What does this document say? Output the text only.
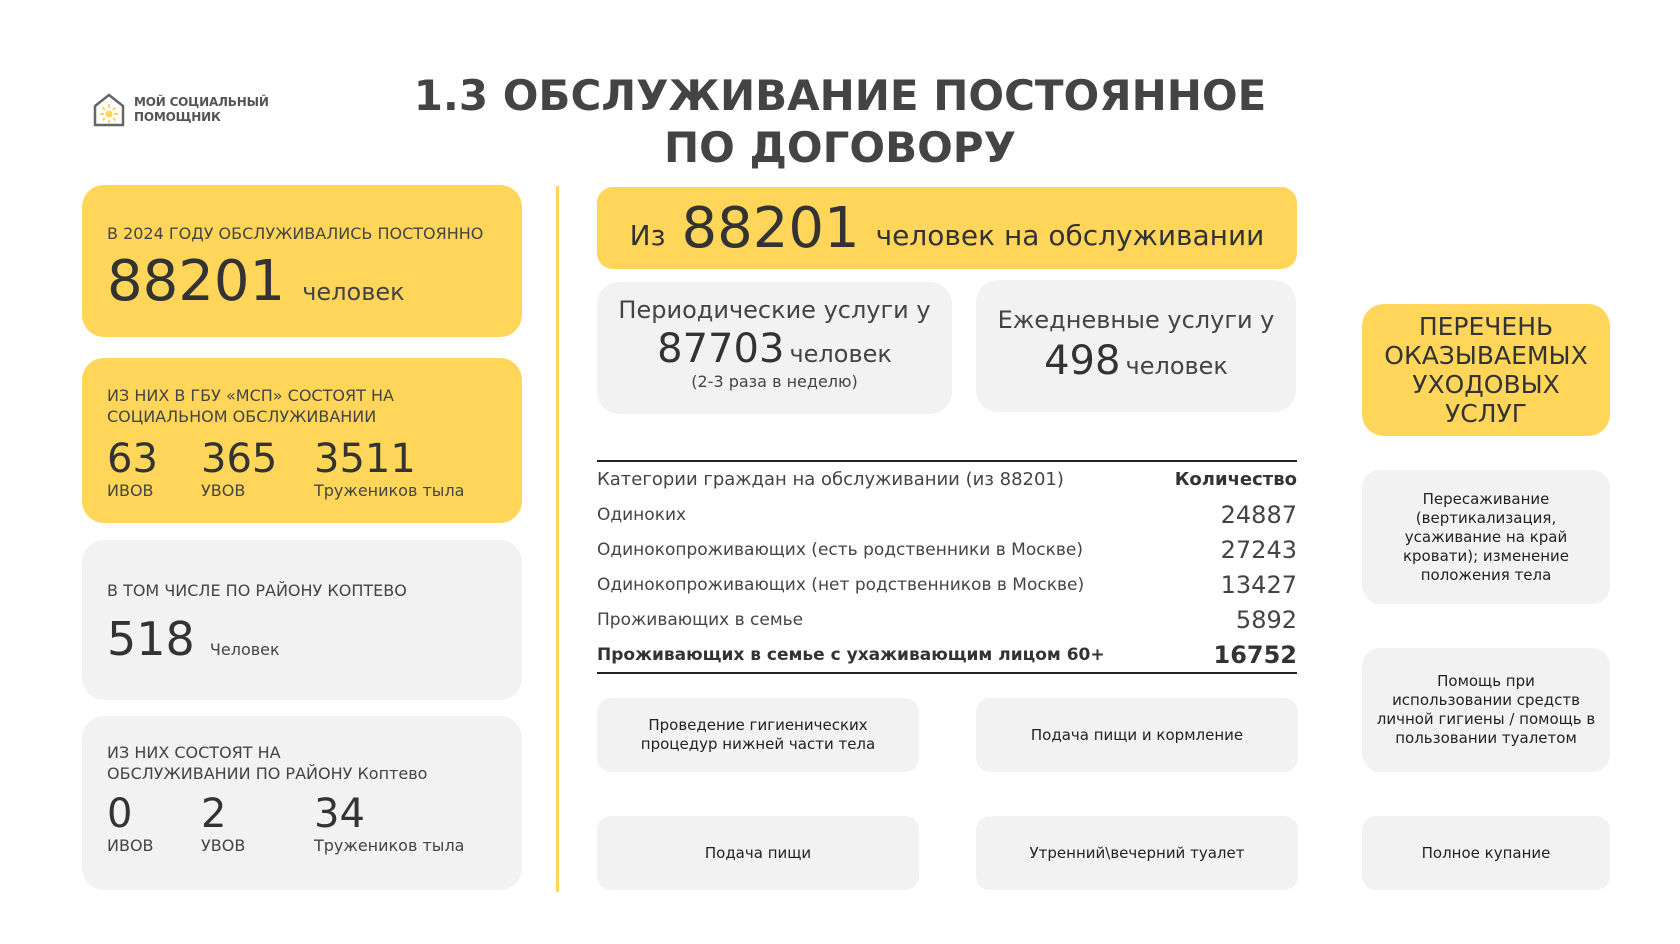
МОЙ СОЦИАЛЬНЫЙ
ПОМОЩНИК	1.3 ОБСЛУЖИВАНИЕ ПОСТОЯННОЕ ПО ДОГОВОРУ
В 2024 ГОДУ ОБСЛУЖИВАЛИСЬ ПОСТОЯННО
88201 человек
ИЗ НИХ В ГБУ «МСП» СОСТОЯТ НА
СОЦИАЛЬНОМ ОБСЛУЖИВАНИИ
63
ИВОВ
365
УВОВ
3511
Тружеников тыла
В ТОМ ЧИСЛЕ ПО РАЙОНУ КОПТЕВО
518 Человек
ИЗ НИХ СОСТОЯТ НА
ОБСЛУЖИВАНИИ ПО РАЙОНУ Коптево
0
ИВОВ
2
УВОВ
34
Тружеников тыла
Из 88201 человек на обслуживании
Периодические услуги у
87703 человек
(2-3 раза в неделю)
Ежедневные услуги у
498 человек
Категории граждан на обслуживании (из 88201)	Количество
Одиноких	24887
Одинокопроживающих (есть родственники в Москве)	27243
Одинокопроживающих (нет родственников в Москве)	13427
Проживающих в семье	5892
Проживающих в семье с ухаживающим лицом 60+	16752
Проведение гигиенических процедур нижней части тела
Подача пищи и кормление
Подача пищи	Утренний\вечерний туалет
ПЕРЕЧЕНЬ ОКАЗЫВАЕМЫХ УХОДОВЫХ УСЛУГ
Пересаживание (вертикализация, усаживание на край кровати); изменение положения тела
Помощь при использовании средств личной гигиены / помощь в пользовании туалетом
Полное купание
